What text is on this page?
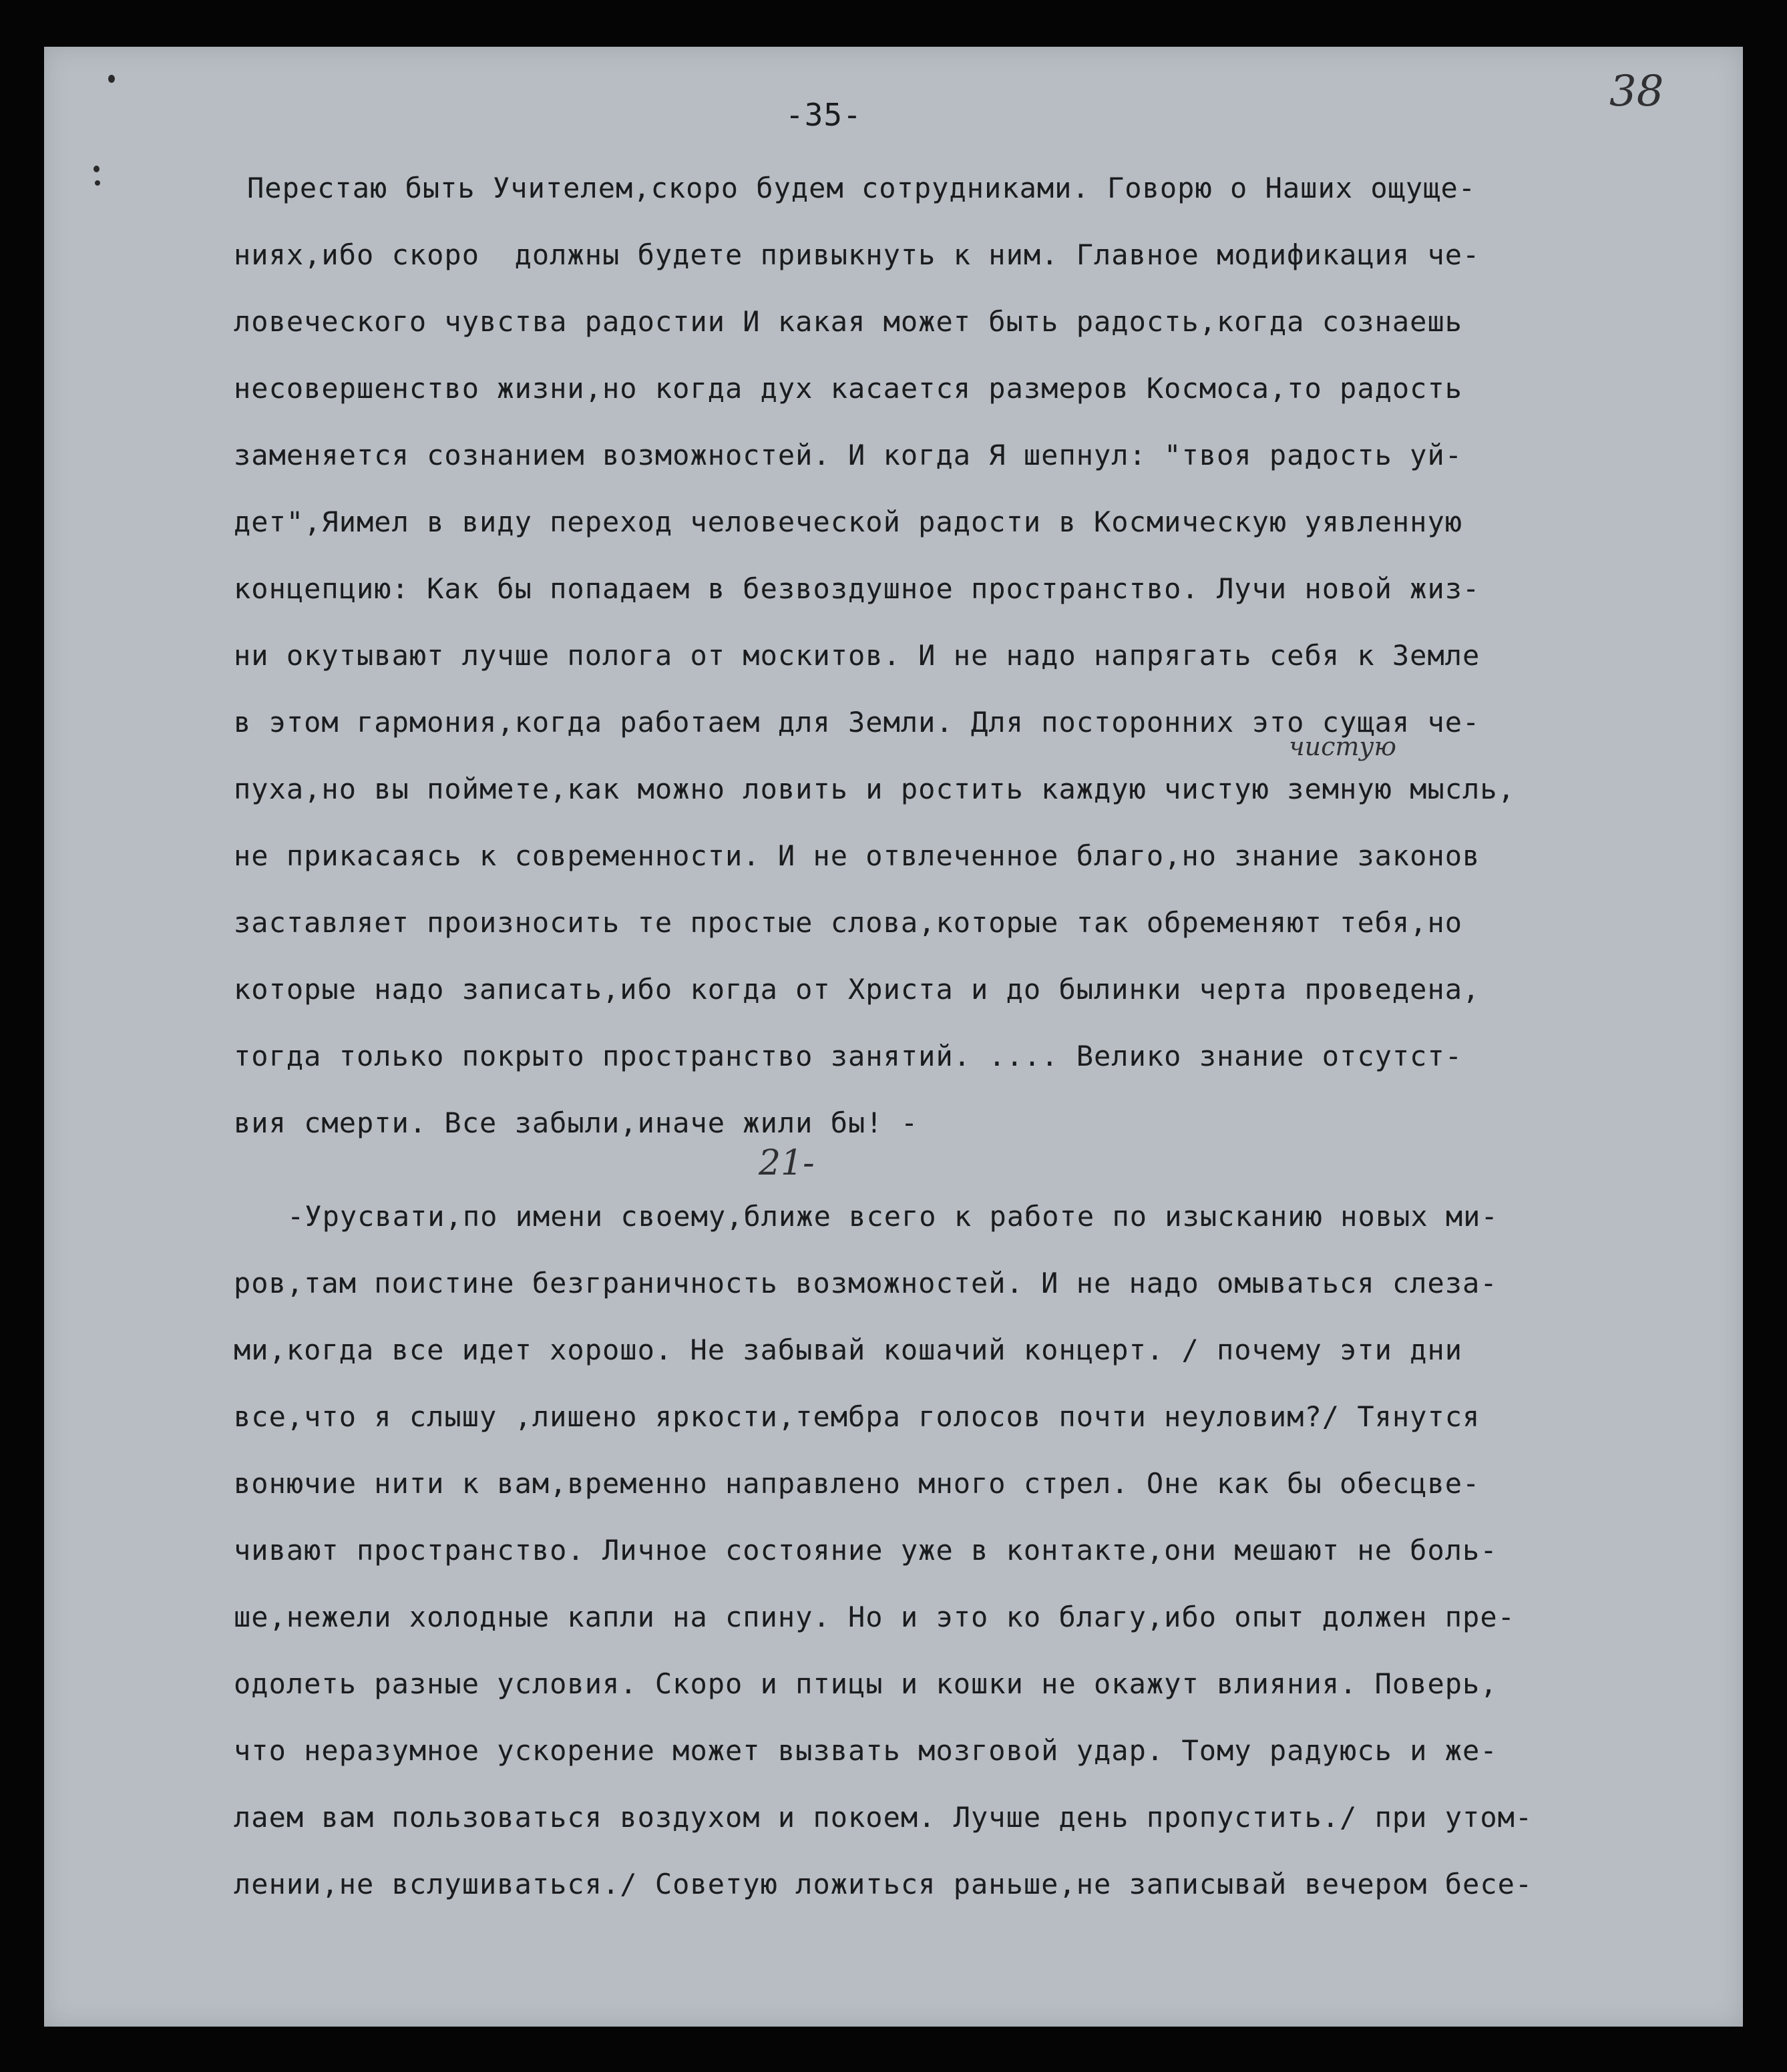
-35-	38
чистую
21-
Перестаю быть Учителем,скоро будем сотрудниками. Говорю о Наших ощуще-
ниях,ибо скоро  должны будете привыкнуть к ним. Главное модификация че-
ловеческого чувства радостии И какая может быть радость,когда сознаешь
несовершенство жизни,но когда дух касается размеров Космоса,то радость
заменяется сознанием возможностей. И когда Я шепнул: "твоя радость уй-
дет",Яимел в виду переход человеческой радости в Космическую уявленную
концепцию: Как бы попадаем в безвоздушное пространство. Лучи новой жиз-
ни окутывают лучше полога от москитов. И не надо напрягать себя к Земле
в этом гармония,когда работаем для Земли. Для посторонних это сущая че-
пуха,но вы поймете,как можно ловить и ростить каждую чистую земную мысль,
не прикасаясь к современности. И не отвлеченное благо,но знание законов
заставляет произносить те простые слова,которые так обременяют тебя,но
которые надо записать,ибо когда от Христа и до былинки черта проведена,
тогда только покрыто пространство занятий. .... Велико знание отсутст-
вия смерти. Все забыли,иначе жили бы! -
-Урусвати,по имени своему,ближе всего к работе по изысканию новых ми-
ров,там поистине безграничность возможностей. И не надо омываться слеза-
ми,когда все идет хорошо. Не забывай кошачий концерт. / почему эти дни
все,что я слышу ,лишено яркости,тембра голосов почти неуловим?/ Тянутся
вонючие нити к вам,временно направлено много стрел. Оне как бы обесцве-
чивают пространство. Личное состояние уже в контакте,они мешают не боль-
ше,нежели холодные капли на спину. Но и это ко благу,ибо опыт должен пре-
одолеть разные условия. Скоро и птицы и кошки не окажут влияния. Поверь,
что неразумное ускорение может вызвать мозговой удар. Тому радуюсь и же-
лаем вам пользоваться воздухом и покоем. Лучше день пропустить./ при утом-
лении,не вслушиваться./ Советую ложиться раньше,не записывай вечером бесе-
